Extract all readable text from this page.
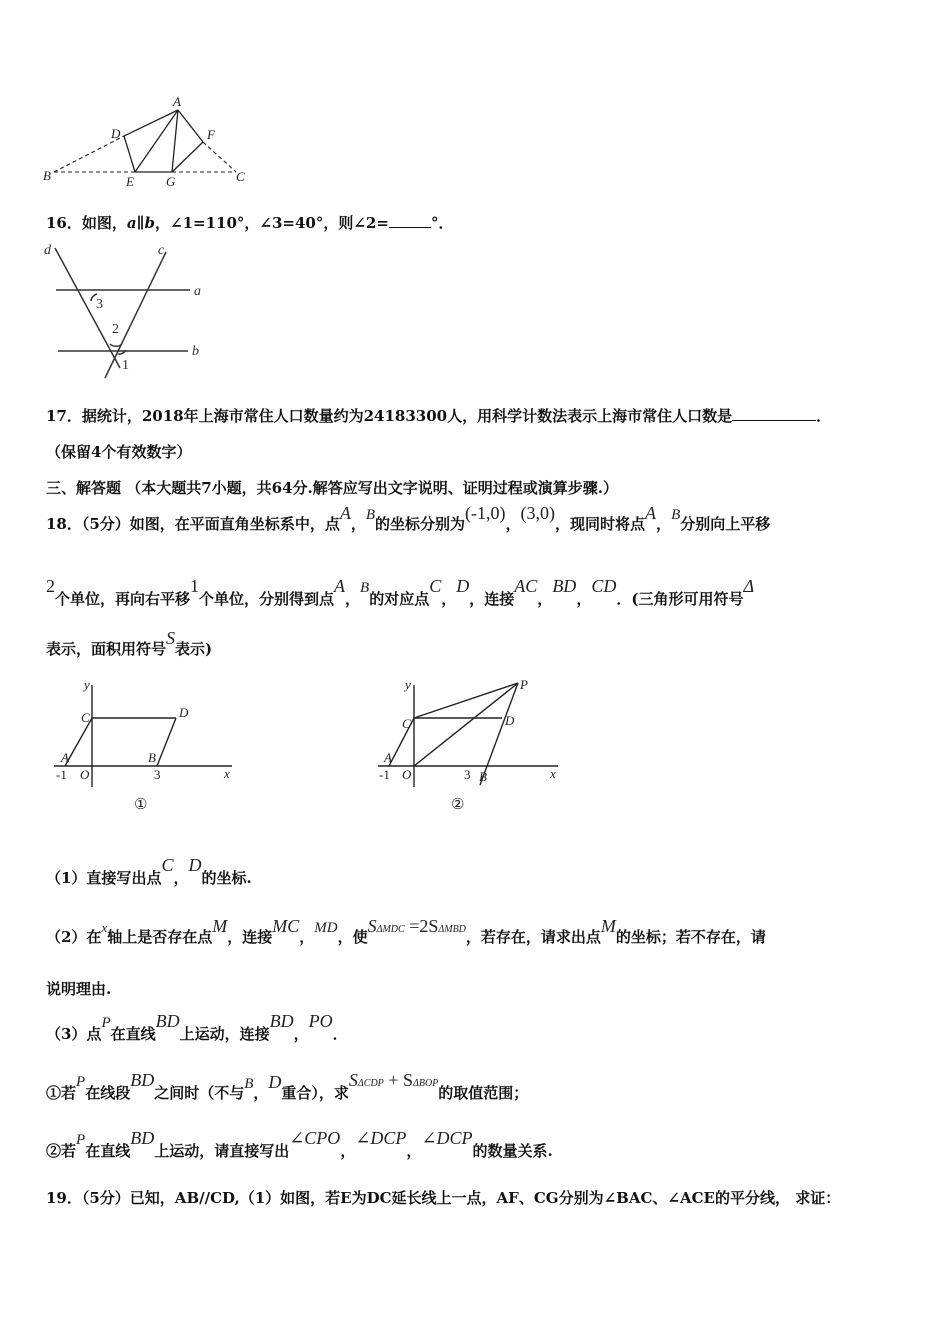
A
D	F
B	E G	C
16．如图，a∥b，∠1=110°，∠3=40°，则∠2=	°．
d	c
a
b
3
2
1
17．据统计，2018年上海市常住人口数量约为24183300人，用科学计数法表示上海市常住人口数是	．
（保留4个有效数字）
三、解答题 （本大题共7小题，共64分.解答应写出文字说明、证明过程或演算步骤.）
18．（5分）如图，在平面直角坐标系中，点A，B的坐标分别为(-1,0)，(3,0)，现同时将点A，B分别向上平移
2个单位，再向右平移1个单位，分别得到点A，B的对应点C，D，连接AC，BD，CD．(三角形可用符号Δ
表示，面积用符号S表示)
y
C	D
A	B
-1 O	3	x
①
y	P
C	D
A
-1 O	3 B	x
②
（1）直接写出点C，D的坐标.
（2）在x轴上是否存在点M，连接MC，MD，使SΔMDC =2SΔMBD，若存在，请求出点M的坐标；若不存在，请
说明理由.
（3）点P在直线BD上运动，连接BD，PO．
①若P在线段BD之间时（不与B，D重合），求SΔCDP + SΔBOP的取值范围；
②若P在直线BD上运动，请直接写出∠CPO，∠DCP，∠DCP的数量关系.
19．（5分）已知，AB//CD,（1）如图，若E为DC延长线上一点，AF、CG分别为∠BAC、∠ACE的平分线， 求证：
